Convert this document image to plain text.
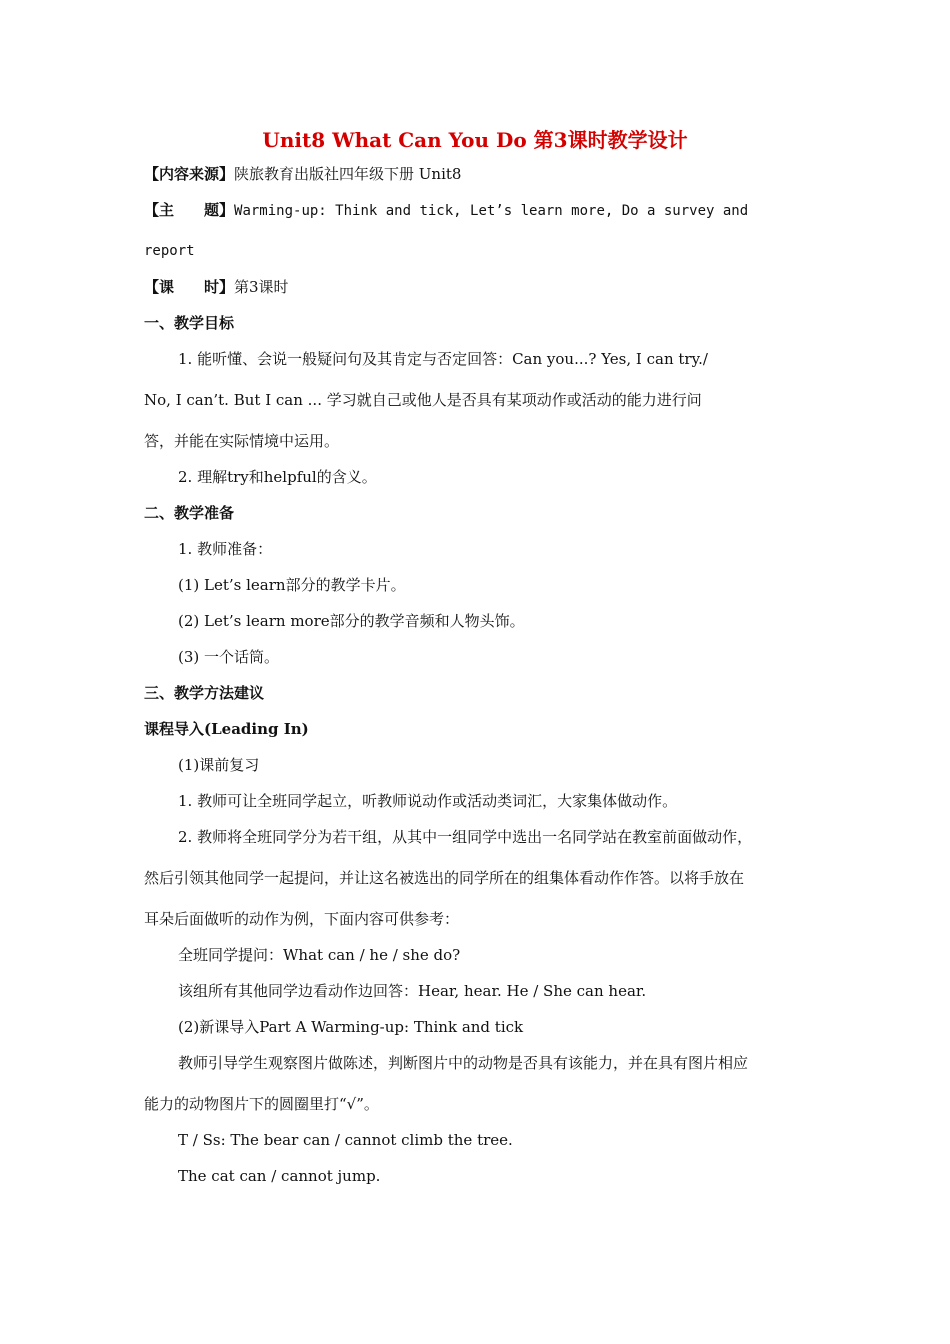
Unit8 What Can You Do 第3课时教学设计
【内容来源】陕旅教育出版社四年级下册 Unit8
【主　　题】Warming-up: Think and tick, Let’s learn more, Do a survey and
report
【课　　时】第3课时
一、教学目标
1. 能听懂、会说一般疑问句及其肯定与否定回答：Can you...? Yes, I can try./
No, I can’t. But I can ... 学习就自己或他人是否具有某项动作或活动的能力进行问
答，并能在实际情境中运用。
2. 理解try和helpful的含义。
二、教学准备
1. 教师准备：
(1) Let’s learn部分的教学卡片。
(2) Let’s learn more部分的教学音频和人物头饰。
(3) 一个话筒。
三、教学方法建议
课程导入(Leading In)
(1)课前复习
1. 教师可让全班同学起立，听教师说动作或活动类词汇，大家集体做动作。
2. 教师将全班同学分为若干组，从其中一组同学中选出一名同学站在教室前面做动作，
然后引领其他同学一起提问，并让这名被选出的同学所在的组集体看动作作答。以将手放在
耳朵后面做听的动作为例，下面内容可供参考：
全班同学提问：What can / he / she do?
该组所有其他同学边看动作边回答：Hear, hear. He / She can hear.
(2)新课导入Part A Warming-up: Think and tick
教师引导学生观察图片做陈述，判断图片中的动物是否具有该能力，并在具有图片相应
能力的动物图片下的圆圈里打“√”。
T / Ss: The bear can / cannot climb the tree.
The cat can / cannot jump.
